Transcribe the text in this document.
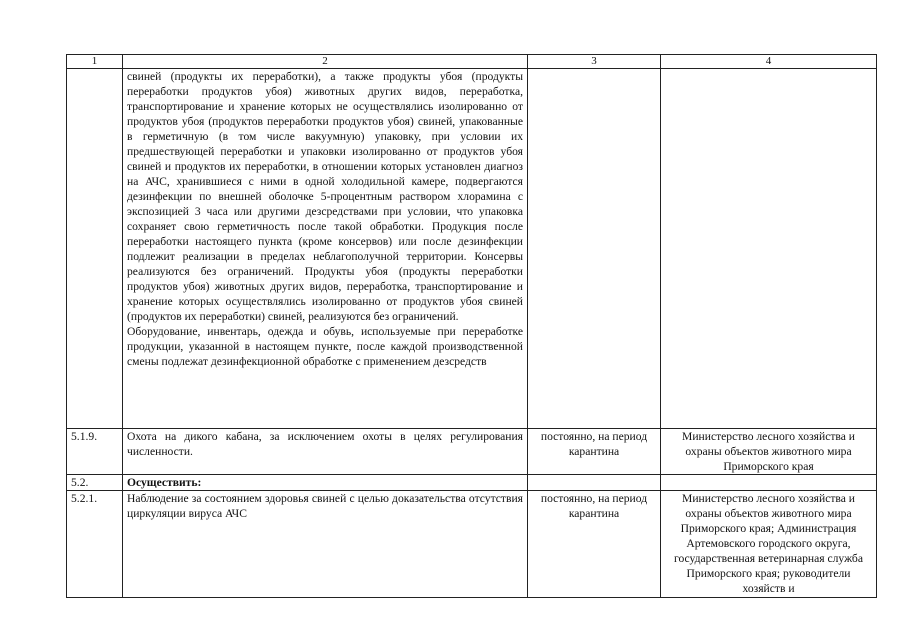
1	2	3	4

	свиней (продукты их переработки), а также продукты убоя (продукты переработки продуктов убоя) животных других видов, переработка, транспортирование и хранение которых не осуществлялись изолированно от продуктов убоя (продуктов переработки продуктов убоя) свиней, упакованные в герметичную (в том числе вакуумную) упаковку, при условии их предшествующей переработки и упаковки изолированно от продуктов убоя свиней и продуктов их переработки, в отношении которых установлен диагноз на АЧС, хранившиеся с ними в одной холодильной камере, подвергаются дезинфекции по внешней оболочке 5-процентным раствором хлорамина с экспозицией 3 часа или другими дезсредствами при условии, что упаковка сохраняет свою герметичность после такой обработки. Продукция после переработки настоящего пункта (кроме консервов) или после дезинфекции подлежит реализации в пределах неблагополучной территории. Консервы реализуются без ограничений. Продукты убоя (продукты переработки продуктов убоя) животных других видов, переработка, транспортирование и хранение которых осуществлялись изолированно от продуктов убоя свиней (продуктов их переработки) свиней, реализуются без ограничений.
Оборудование, инвентарь, одежда и обувь, используемые при переработке продукции, указанной в настоящем пункте, после каждой производственной смены подлежат дезинфекционной обработке с применением дезсредств		

5.1.9.	Охота на дикого кабана, за исключением охоты в целях регулирования численности.	постоянно, на период карантина	Министерство лесного хозяйства и охраны объектов животного мира Приморского края
5.2.	Осуществить:		

5.2.1.	Наблюдение за состоянием здоровья свиней с целью доказательства отсутствия циркуляции вируса АЧС	постоянно, на период карантина	Министерство лесного хозяйства и охраны объектов животного мира Приморского края; Администрация Артемовского городского округа, государственная ветеринарная служба Приморского края; руководители хозяйств и
